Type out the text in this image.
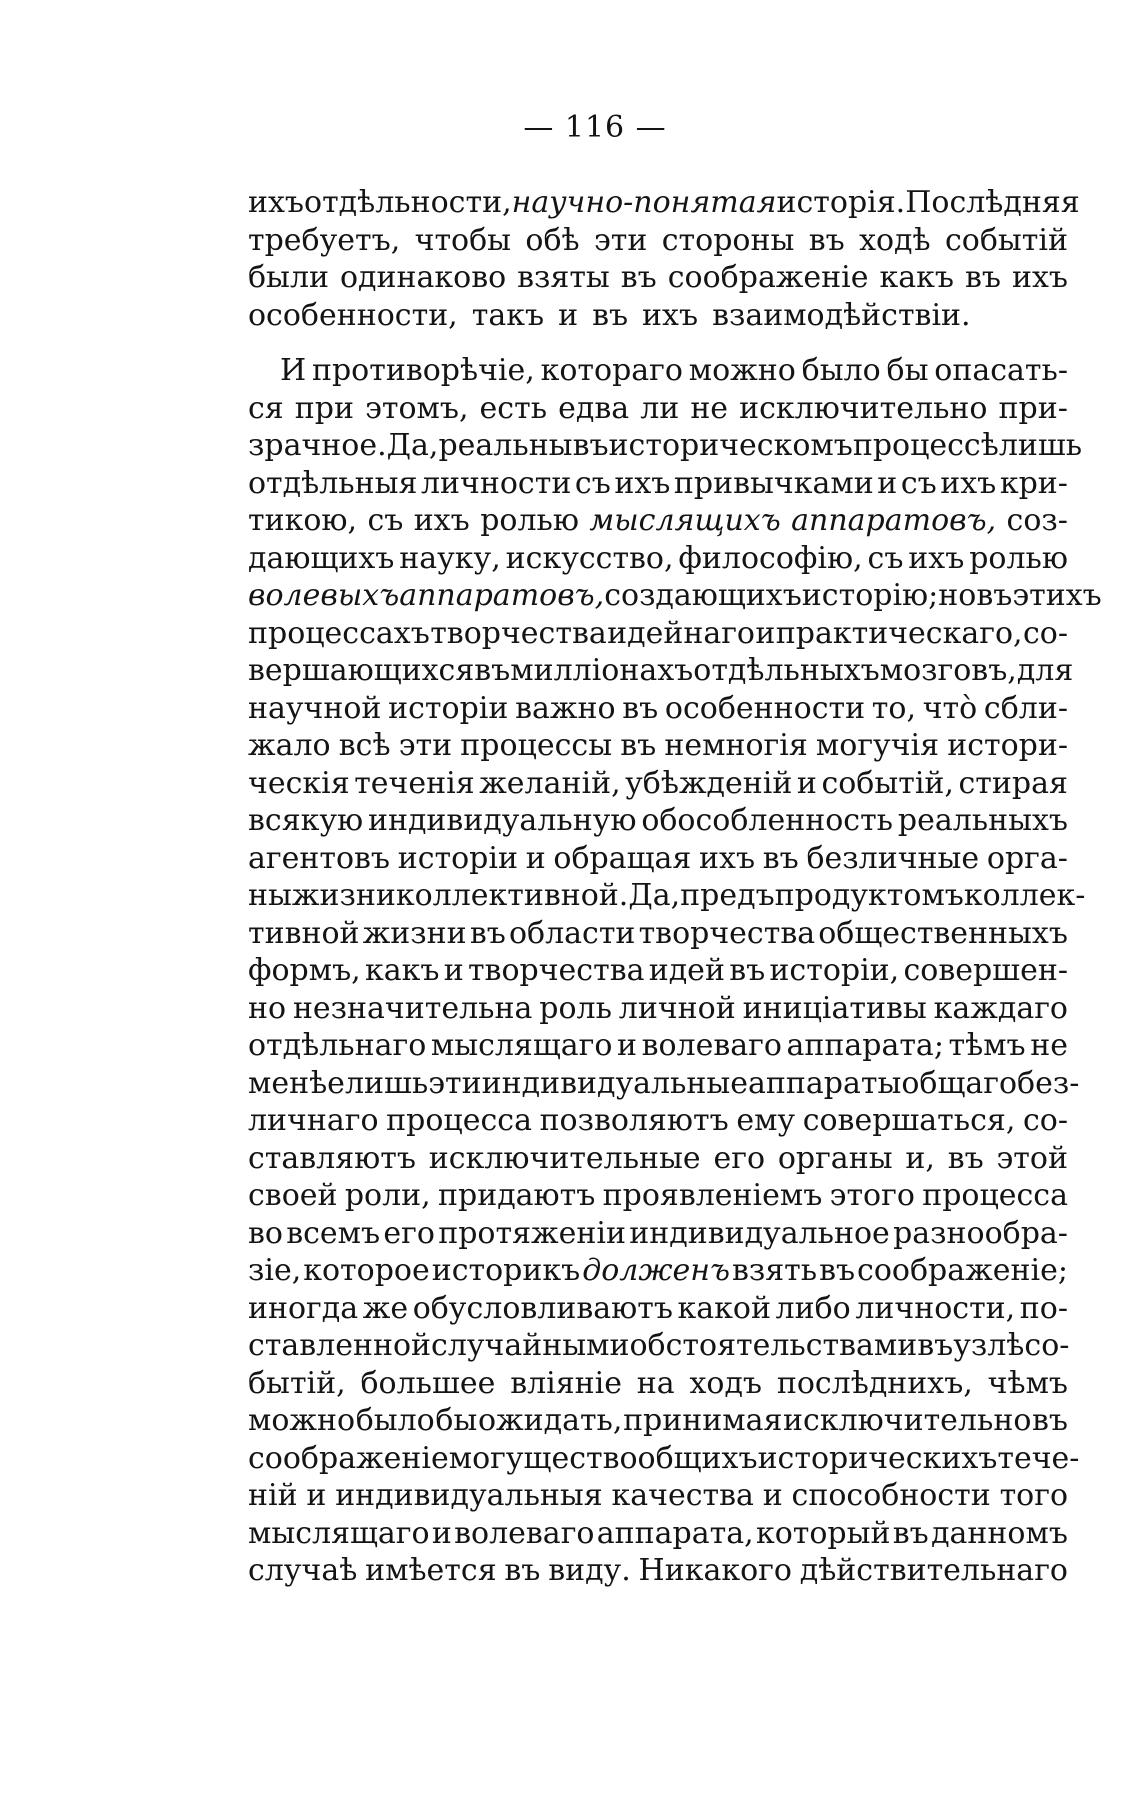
— 116 —
ихъ отдѣльности, научно-понятая исторія. Послѣдняя
требуетъ, чтобы обѣ эти стороны въ ходѣ событій
были одинаково взяты въ соображеніе какъ въ ихъ
особенности, такъ и въ ихъ взаимодѣйствіи.
И противорѣчіе, котораго можно было бы опасать-
ся при этомъ, есть едва ли не исключительно при-
зрачное. Да, реальны въ историческомъ процессѣ лишь
отдѣльныя личности съ ихъ привычками и съ ихъ кри-
тикою, съ ихъ ролью мыслящихъ аппаратовъ, соз-
дающихъ науку, искусство, философію, съ ихъ ролью
волевыхъ аппаратовъ, создающихъ исторію; но въ этихъ
процессахъ творчества идейнаго и практическаго, со-
вершающихся въ милліонахъ отдѣльныхъ мозговъ, для
научной исторіи важно въ особенности то, что̀ сбли-
жало всѣ эти процессы въ немногія могучія истори-
ческія теченія желаній, убѣжденій и событій, стирая
всякую индивидуальную обособленность реальныхъ
агентовъ исторіи и обращая ихъ въ безличные орга-
ны жизни коллективной. Да, предъ продуктомъ коллек-
тивной жизни въ области творчества общественныхъ
формъ, какъ и творчества идей въ исторіи, совершен-
но незначительна роль личной иниціативы каждаго
отдѣльнаго мыслящаго и волеваго аппарата; тѣмъ не
менѣе лишь эти индивидуальные аппараты общаго без-
личнаго процесса позволяютъ ему совершаться, со-
ставляютъ исключительные его органы и, въ этой
своей роли, придаютъ проявленіемъ этого процесса
во всемъ его протяженіи индивидуальное разнообра-
зіе, которое историкъ долженъ взять въ соображеніе;
иногда же обусловливаютъ какой либо личности, по-
ставленной случайными обстоятельствами въ узлѣ со-
бытій, большее вліяніе на ходъ послѣднихъ, чѣмъ
можно было бы ожидать, принимая исключительно въ
соображеніе могущество общихъ историческихъ тече-
ній и индивидуальныя качества и способности того
мыслящаго и волеваго аппарата, который въ данномъ
случаѣ имѣется въ виду. Никакого дѣйствительнаго
